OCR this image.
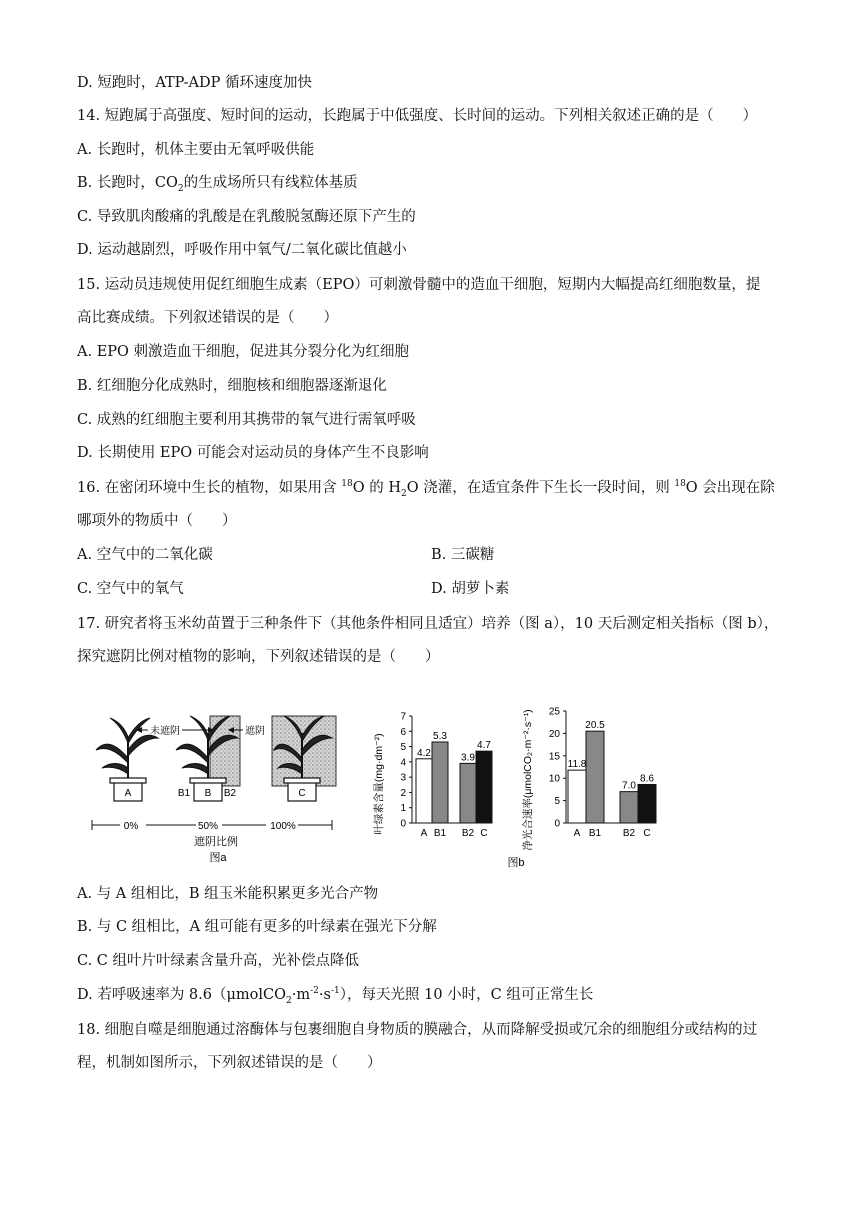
D. 短跑时，ATP-ADP 循环速度加快
14. 短跑属于高强度、短时间的运动，长跑属于中低强度、长时间的运动。下列相关叙述正确的是（　　）
A. 长跑时，机体主要由无氧呼吸供能
B. 长跑时，$CO_2$的生成场所只有线粒体基质
C. 导致肌肉酸痛的乳酸是在乳酸脱氢酶还原下产生的
D. 运动越剧烈，呼吸作用中氧气/二氧化碳比值越小
15. 运动员违规使用促红细胞生成素（EPO）可刺激骨髓中的造血干细胞，短期内大幅提高红细胞数量，提
高比赛成绩。下列叙述错误的是（　　）
A. EPO 刺激造血干细胞，促进其分裂分化为红细胞
B. 红细胞分化成熟时，细胞核和细胞器逐渐退化
C. 成熟的红细胞主要利用其携带的氧气进行需氧呼吸
D. 长期使用 EPO 可能会对运动员的身体产生不良影响
16. 在密闭环境中生长的植物，如果用含 $^{18}$O 的 $H_2O$ 浇灌，在适宜条件下生长一段时间，则 $^{18}$O 会出现在除
哪项外的物质中（　　）
A. 空气中的二氧化碳	B. 三碳糖
C. 空气中的氧气	D. 胡萝卜素
17. 研究者将玉米幼苗置于三种条件下（其他条件相同且适宜）培养（图 a），10 天后测定相关指标（图 b），
探究遮阴比例对植物的影响，下列叙述错误的是（　　）
A	B
B1	B2	C
未遮阴	遮阴
0%	50%	100%
遮阴比例
图a
叶绿素含量(mg·dm⁻²) 0
1
2
3
4
5
6
7
4.2
A
5.3
B1
3.9
B2
4.7
C	净光合速率(μmolCO₂·m⁻²·s⁻¹) 0
5
10
15
20
25
11.8
A
20.5
B1
7.0
B2
8.6
C
图b
A. 与 A 组相比，B 组玉米能积累更多光合产物
B. 与 C 组相比，A 组可能有更多的叶绿素在强光下分解
C. C 组叶片叶绿素含量升高，光补偿点降低
D. 若呼吸速率为 $8.6(\mu molCO_2\cdot m^{-2}\cdot s^{-1})$，每天光照 10 小时，C 组可正常生长
18. 细胞自噬是细胞通过溶酶体与包裹细胞自身物质的膜融合，从而降解受损或冗余的细胞组分或结构的过
程，机制如图所示，下列叙述错误的是（　　）
